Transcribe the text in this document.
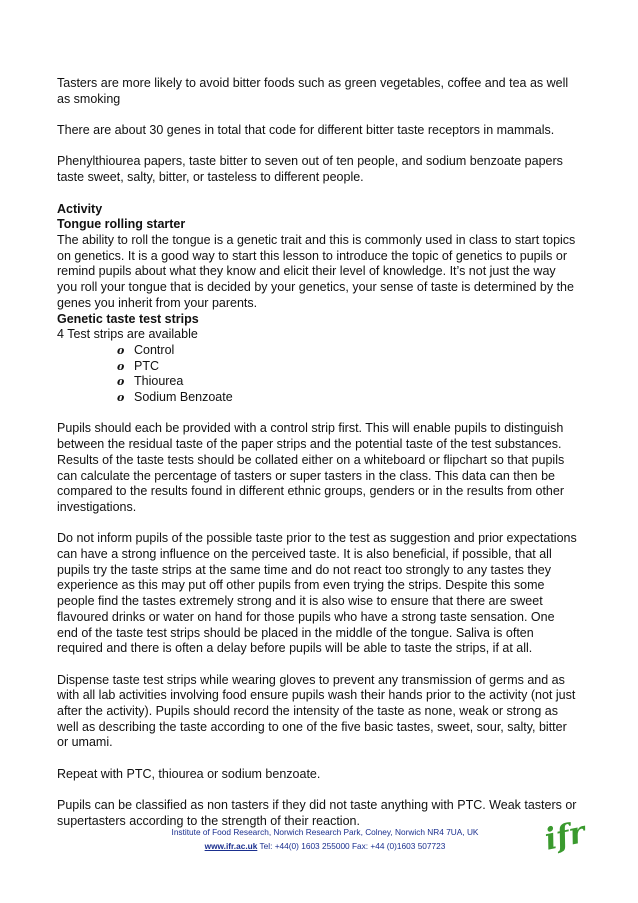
Tasters are more likely to avoid bitter foods such as green vegetables, coffee and tea as well as smoking

There are about 30 genes in total that code for different bitter taste receptors in mammals.

Phenylthiourea papers, taste bitter to seven out of ten people, and sodium benzoate papers taste sweet, salty, bitter, or tasteless to different people.

Activity

Tongue rolling starter

The ability to roll the tongue is a genetic trait and this is commonly used in class to start topics on genetics. It is a good way to start this lesson to introduce the topic of genetics to pupils or remind pupils about what they know and elicit their level of knowledge. It’s not just the way you roll your tongue that is decided by your genetics, your sense of taste is determined by the genes you inherit from your parents.

Genetic taste test strips

4 Test strips are available

o Control
o PTC
o Thiourea
o Sodium Benzoate

Pupils should each be provided with a control strip first. This will enable pupils to distinguish between the residual taste of the paper strips and the potential taste of the test substances. Results of the taste tests should be collated either on a whiteboard or flipchart so that pupils can calculate the percentage of tasters or super tasters in the class. This data can then be compared to the results found in different ethnic groups, genders or in the results from other investigations.

Do not inform pupils of the possible taste prior to the test as suggestion and prior expectations can have a strong influence on the perceived taste. It is also beneficial, if possible, that all pupils try the taste strips at the same time and do not react too strongly to any tastes they experience as this may put off other pupils from even trying the strips. Despite this some people find the tastes extremely strong and it is also wise to ensure that there are sweet flavoured drinks or water on hand for those pupils who have a strong taste sensation. One end of the taste test strips should be placed in the middle of the tongue. Saliva is often required and there is often a delay before pupils will be able to taste the strips, if at all.

Dispense taste test strips while wearing gloves to prevent any transmission of germs and as with all lab activities involving food ensure pupils wash their hands prior to the activity (not just after the activity). Pupils should record the intensity of the taste as none, weak or strong as well as describing the taste according to one of the five basic tastes, sweet, sour, salty, bitter or umami.

Repeat with PTC, thiourea or sodium benzoate.

Pupils can be classified as non tasters if they did not taste anything with PTC. Weak tasters or supertasters according to the strength of their reaction.

Institute of Food Research, Norwich Research Park, Colney, Norwich NR4 7UA, UK
www.ifr.ac.uk Tel: +44(0) 1603 255000 Fax: +44 (0)1603 507723	ifr
